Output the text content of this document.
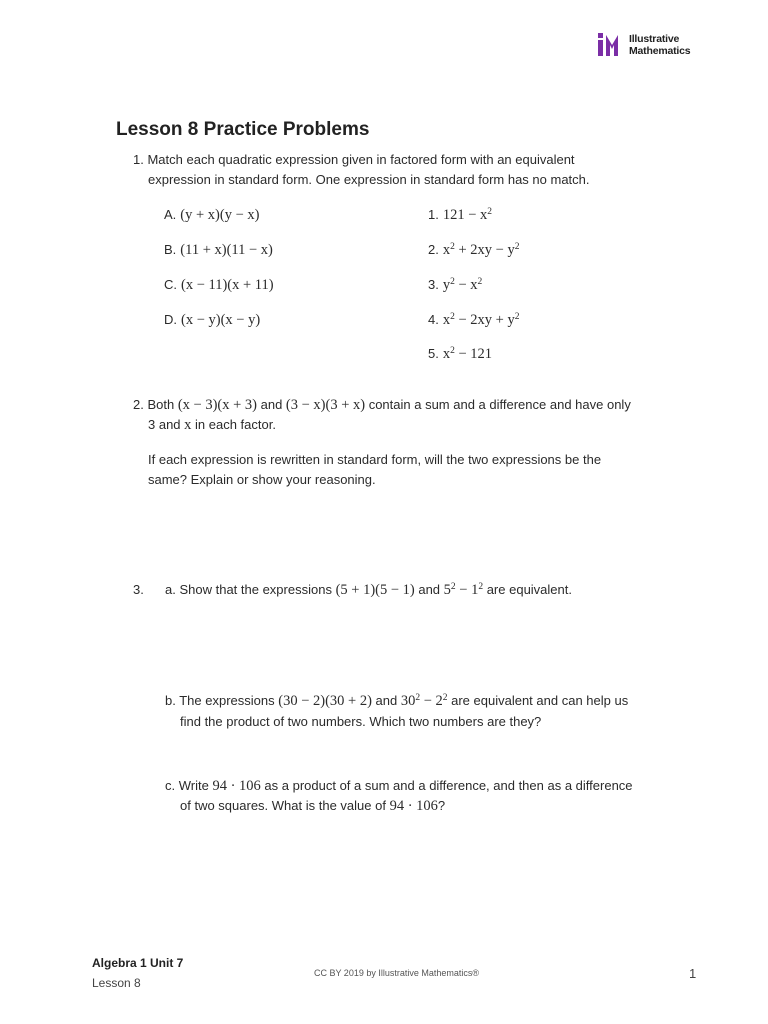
Illustrative
Mathematics
Lesson 8 Practice Problems
1. Match each quadratic expression given in factored form with an equivalent
expression in standard form. One expression in standard form has no match.
A. (y + x)(y − x)
B. (11 + x)(11 − x)
C. (x − 11)(x + 11)
D. (x − y)(x − y)
1. $121 - x^2$
2. $x^2 + 2xy - y^2$
3. $y^2 - x^2$
4. $x^2 - 2xy + y^2$
5. $x^2 - 121$
2. Both (x − 3)(x + 3) and (3 − x)(3 + x) contain a sum and a difference and have only
3 and x in each factor.
If each expression is rewritten in standard form, will the two expressions be the
same? Explain or show your reasoning.
3. a. Show that the expressions (5 + 1)(5 − 1) and $5^2 - 1^2$ are equivalent.
b. The expressions (30 − 2)(30 + 2) and $30^2 - 2^2$ are equivalent and can help us
find the product of two numbers. Which two numbers are they?
c. Write 94 · 106 as a product of a sum and a difference, and then as a difference
of two squares. What is the value of 94 · 106?
Algebra 1 Unit 7
Lesson 8
CC BY 2019 by Illustrative Mathematics®	1
